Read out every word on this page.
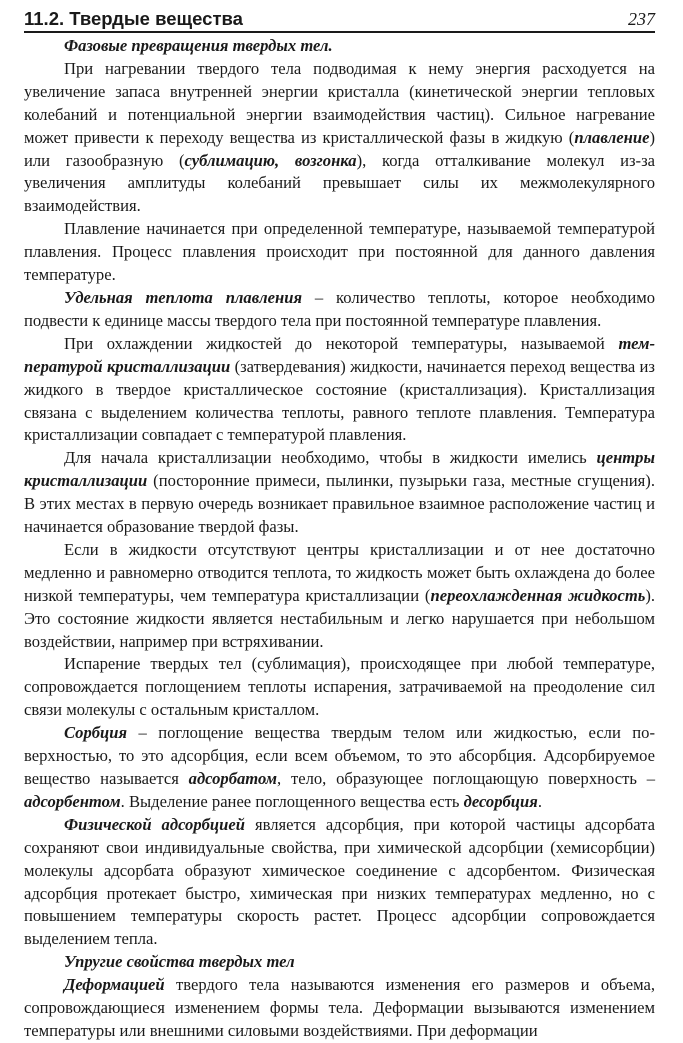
11.2. Твердые вещества	237

Фазовые превращения твердых тел.

При нагревании твердого тела подводимая к нему энергия расходуется на увеличение запаса внутренней энергии кристалла (кинетической энергии тепловых колебаний и потенциальной энергии взаимодействия частиц). Сильное нагревание может привести к переходу вещества из кристаллической фазы в жидкую (плавление) или газообразную (сублимацию, возгонка), когда отталкивание молекул из-за увеличения амплитуды колебаний превышает силы их межмолекулярного взаимодействия.

Плавление начинается при определенной температуре, называемой температурой плавления. Процесс плавления происходит при постоянной для данного давления температуре.

Удельная теплота плавления – количество теплоты, которое необходимо подвести к единице массы твердого тела при постоянной температуре плавления.

При охлаждении жидкостей до некоторой температуры, называемой температурой кристаллизации (затвердевания) жидкости, начинается переход вещества из жидкого в твердое кристаллическое состояние (кристаллизация). Кристаллизация связана с выделением количества теплоты, равного теплоте плавления. Температура кристаллизации совпадает с температурой плавления.

Для начала кристаллизации необходимо, чтобы в жидкости имелись центры кристаллизации (посторонние примеси, пылинки, пузырьки газа, местные сгущения). В этих местах в первую очередь возникает правильное взаимное расположение частиц и начинается образование твердой фазы.

Если в жидкости отсутствуют центры кристаллизации и от нее достаточно медленно и равномерно отводится теплота, то жидкость может быть охлаждена до более низкой температуры, чем температура кристаллизации (переохлажденная жидкость). Это состояние жидкости является нестабильным и легко нарушается при небольшом воздействии, например при встряхивании.

Испарение твердых тел (сублимация), происходящее при любой температуре, сопровождается поглощением теплоты испарения, затрачиваемой на преодоление сил связи молекулы с остальным кристаллом.

Сорбция – поглощение вещества твердым телом или жидкостью, если поверхностью, то это адсорбция, если всем объемом, то это абсорбция. Адсорбируемое вещество называется адсорбатом, тело, образующее поглощающую поверхность – адсорбентом. Выделение ранее поглощенного вещества есть десорбция.

Физической адсорбцией является адсорбция, при которой частицы адсорбата сохраняют свои индивидуальные свойства, при химической адсорбции (хемисорбции) молекулы адсорбата образуют химическое соединение с адсорбентом. Физическая адсорбция протекает быстро, химическая при низких температурах медленно, но с повышением температуры скорость растет. Процесс адсорбции сопровождается выделением тепла.

Упругие свойства твердых тел

Деформацией твердого тела называются изменения его размеров и объема, сопровождающиеся изменением формы тела. Деформации вызываются изменением температуры или внешними силовыми воздействиями. При деформации
